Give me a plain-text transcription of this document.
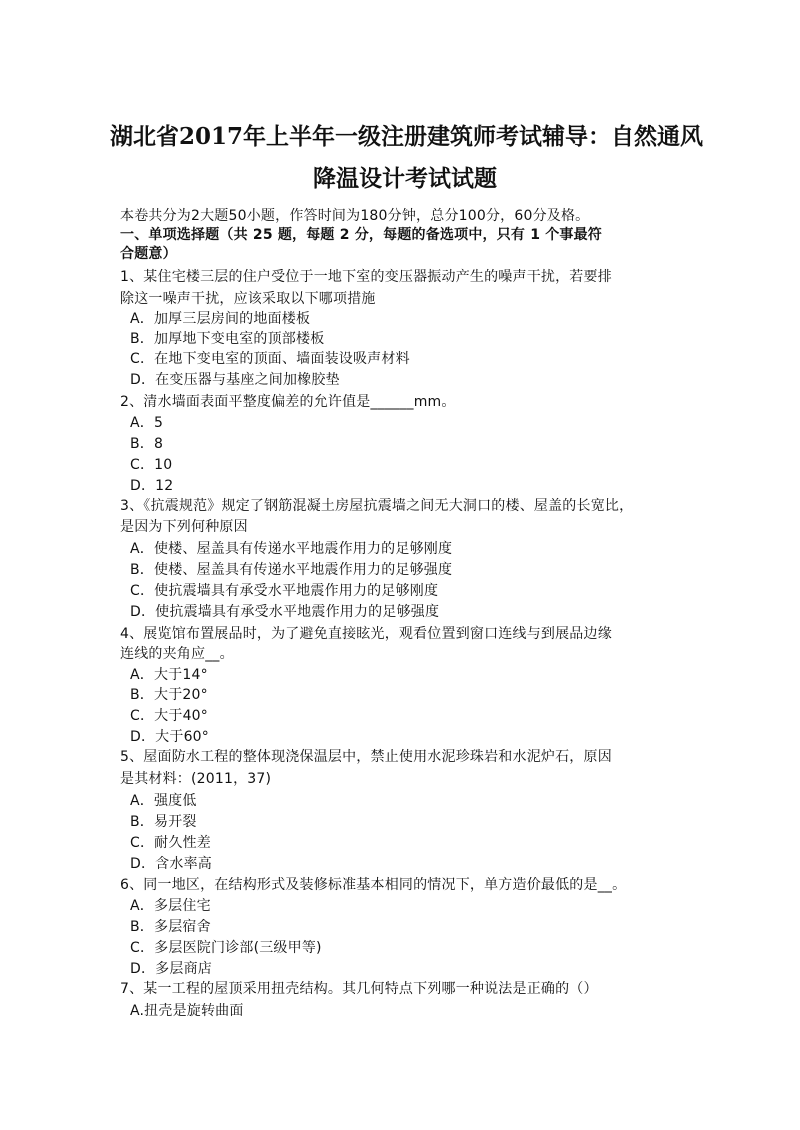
湖北省2017年上半年一级注册建筑师考试辅导：自然通风
降温设计考试试题
本卷共分为2大题50小题，作答时间为180分钟，总分100分，60分及格。
一、单项选择题（共 25 题，每题 2 分，每题的备选项中，只有 1 个事最符
合题意）
1、某住宅楼三层的住户受位于一地下室的变压器振动产生的噪声干扰，若要排
除这一噪声干扰，应该采取以下哪项措施
A．加厚三层房间的地面楼板
B．加厚地下变电室的顶部楼板
C．在地下变电室的顶面、墙面装设吸声材料
D．在变压器与基座之间加橡胶垫
2、清水墙面表面平整度偏差的允许值是______mm。
A．5
B．8
C．10
D．12
3、《抗震规范》规定了钢筋混凝土房屋抗震墙之间无大洞口的楼、屋盖的长宽比，
是因为下列何种原因
A．使楼、屋盖具有传递水平地震作用力的足够刚度
B．使楼、屋盖具有传递水平地震作用力的足够强度
C．使抗震墙具有承受水平地震作用力的足够刚度
D．使抗震墙具有承受水平地震作用力的足够强度
4、展览馆布置展品时，为了避免直接眩光，观看位置到窗口连线与到展品边缘
连线的夹角应__。
A．大于14°
B．大于20°
C．大于40°
D．大于60°
5、屋面防水工程的整体现浇保温层中，禁止使用水泥珍珠岩和水泥炉石，原因
是其材料：(2011，37)
A．强度低
B．易开裂
C．耐久性差
D．含水率高
6、同一地区，在结构形式及装修标准基本相同的情况下，单方造价最低的是__。
A．多层住宅
B．多层宿舍
C．多层医院门诊部(三级甲等)
D．多层商店
7、某一工程的屋顶采用扭壳结构。其几何特点下列哪一种说法是正确的（）
A.扭壳是旋转曲面
